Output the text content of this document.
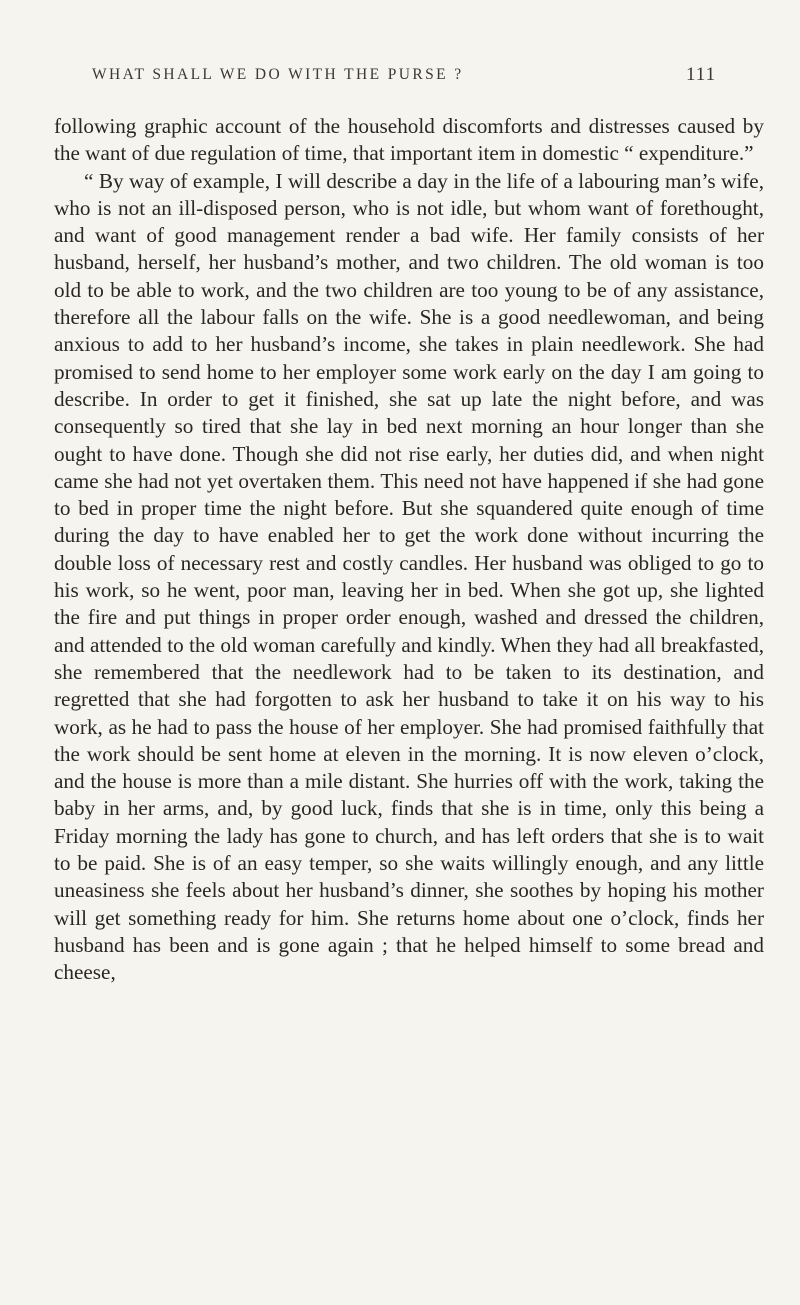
WHAT SHALL WE DO WITH THE PURSE ?	111

following graphic account of the household discomforts and distresses caused by the want of due regulation of time, that important item in domestic “ expenditure.”

“ By way of example, I will describe a day in the life of a labouring man’s wife, who is not an ill-disposed person, who is not idle, but whom want of forethought, and want of good management render a bad wife. Her family consists of her husband, herself, her husband’s mother, and two children. The old woman is too old to be able to work, and the two children are too young to be of any assistance, therefore all the labour falls on the wife. She is a good needlewoman, and being anxious to add to her husband’s income, she takes in plain needlework. She had promised to send home to her employer some work early on the day I am going to describe. In order to get it finished, she sat up late the night before, and was consequently so tired that she lay in bed next morning an hour longer than she ought to have done. Though she did not rise early, her duties did, and when night came she had not yet overtaken them. This need not have happened if she had gone to bed in proper time the night before. But she squandered quite enough of time during the day to have enabled her to get the work done without incurring the double loss of necessary rest and costly candles. Her husband was obliged to go to his work, so he went, poor man, leaving her in bed. When she got up, she lighted the fire and put things in proper order enough, washed and dressed the children, and attended to the old woman carefully and kindly. When they had all breakfasted, she remembered that the needlework had to be taken to its destination, and regretted that she had forgotten to ask her husband to take it on his way to his work, as he had to pass the house of her employer. She had promised faithfully that the work should be sent home at eleven in the morning. It is now eleven o’clock, and the house is more than a mile distant. She hurries off with the work, taking the baby in her arms, and, by good luck, finds that she is in time, only this being a Friday morning the lady has gone to church, and has left orders that she is to wait to be paid. She is of an easy temper, so she waits willingly enough, and any little uneasiness she feels about her husband’s dinner, she soothes by hoping his mother will get something ready for him. She returns home about one o’clock, finds her husband has been and is gone again ; that he helped himself to some bread and cheese,
